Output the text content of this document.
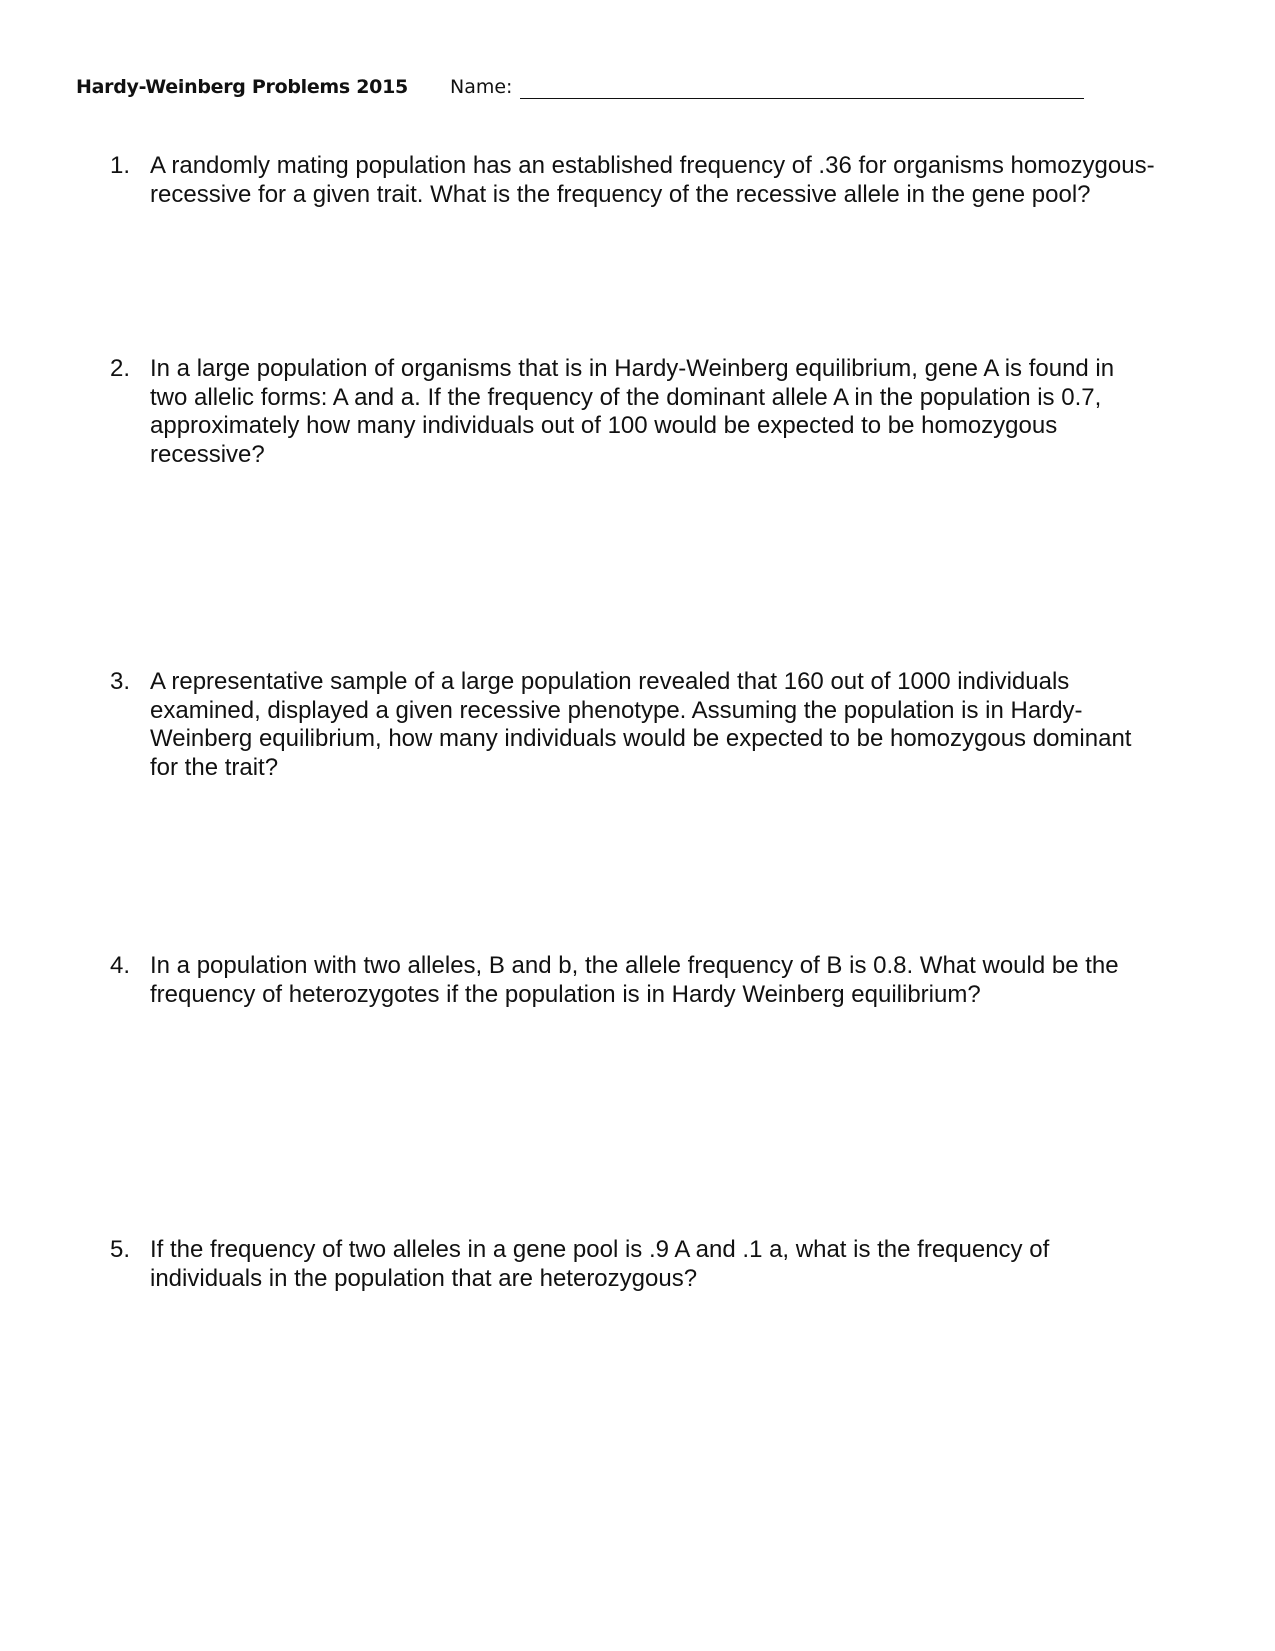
Hardy-Weinberg Problems 2015 Name:
1. A randomly mating population has an established frequency of .36 for organisms homozygous-
recessive for a given trait. What is the frequency of the recessive allele in the gene pool?
2. In a large population of organisms that is in Hardy-Weinberg equilibrium, gene A is found in
two allelic forms: A and a. If the frequency of the dominant allele A in the population is 0.7,
approximately how many individuals out of 100 would be expected to be homozygous
recessive?
3. A representative sample of a large population revealed that 160 out of 1000 individuals
examined, displayed a given recessive phenotype. Assuming the population is in Hardy-
Weinberg equilibrium, how many individuals would be expected to be homozygous dominant
for the trait?
4. In a population with two alleles, B and b, the allele frequency of B is 0.8. What would be the
frequency of heterozygotes if the population is in Hardy Weinberg equilibrium?
5. If the frequency of two alleles in a gene pool is .9 A and .1 a, what is the frequency of
individuals in the population that are heterozygous?
